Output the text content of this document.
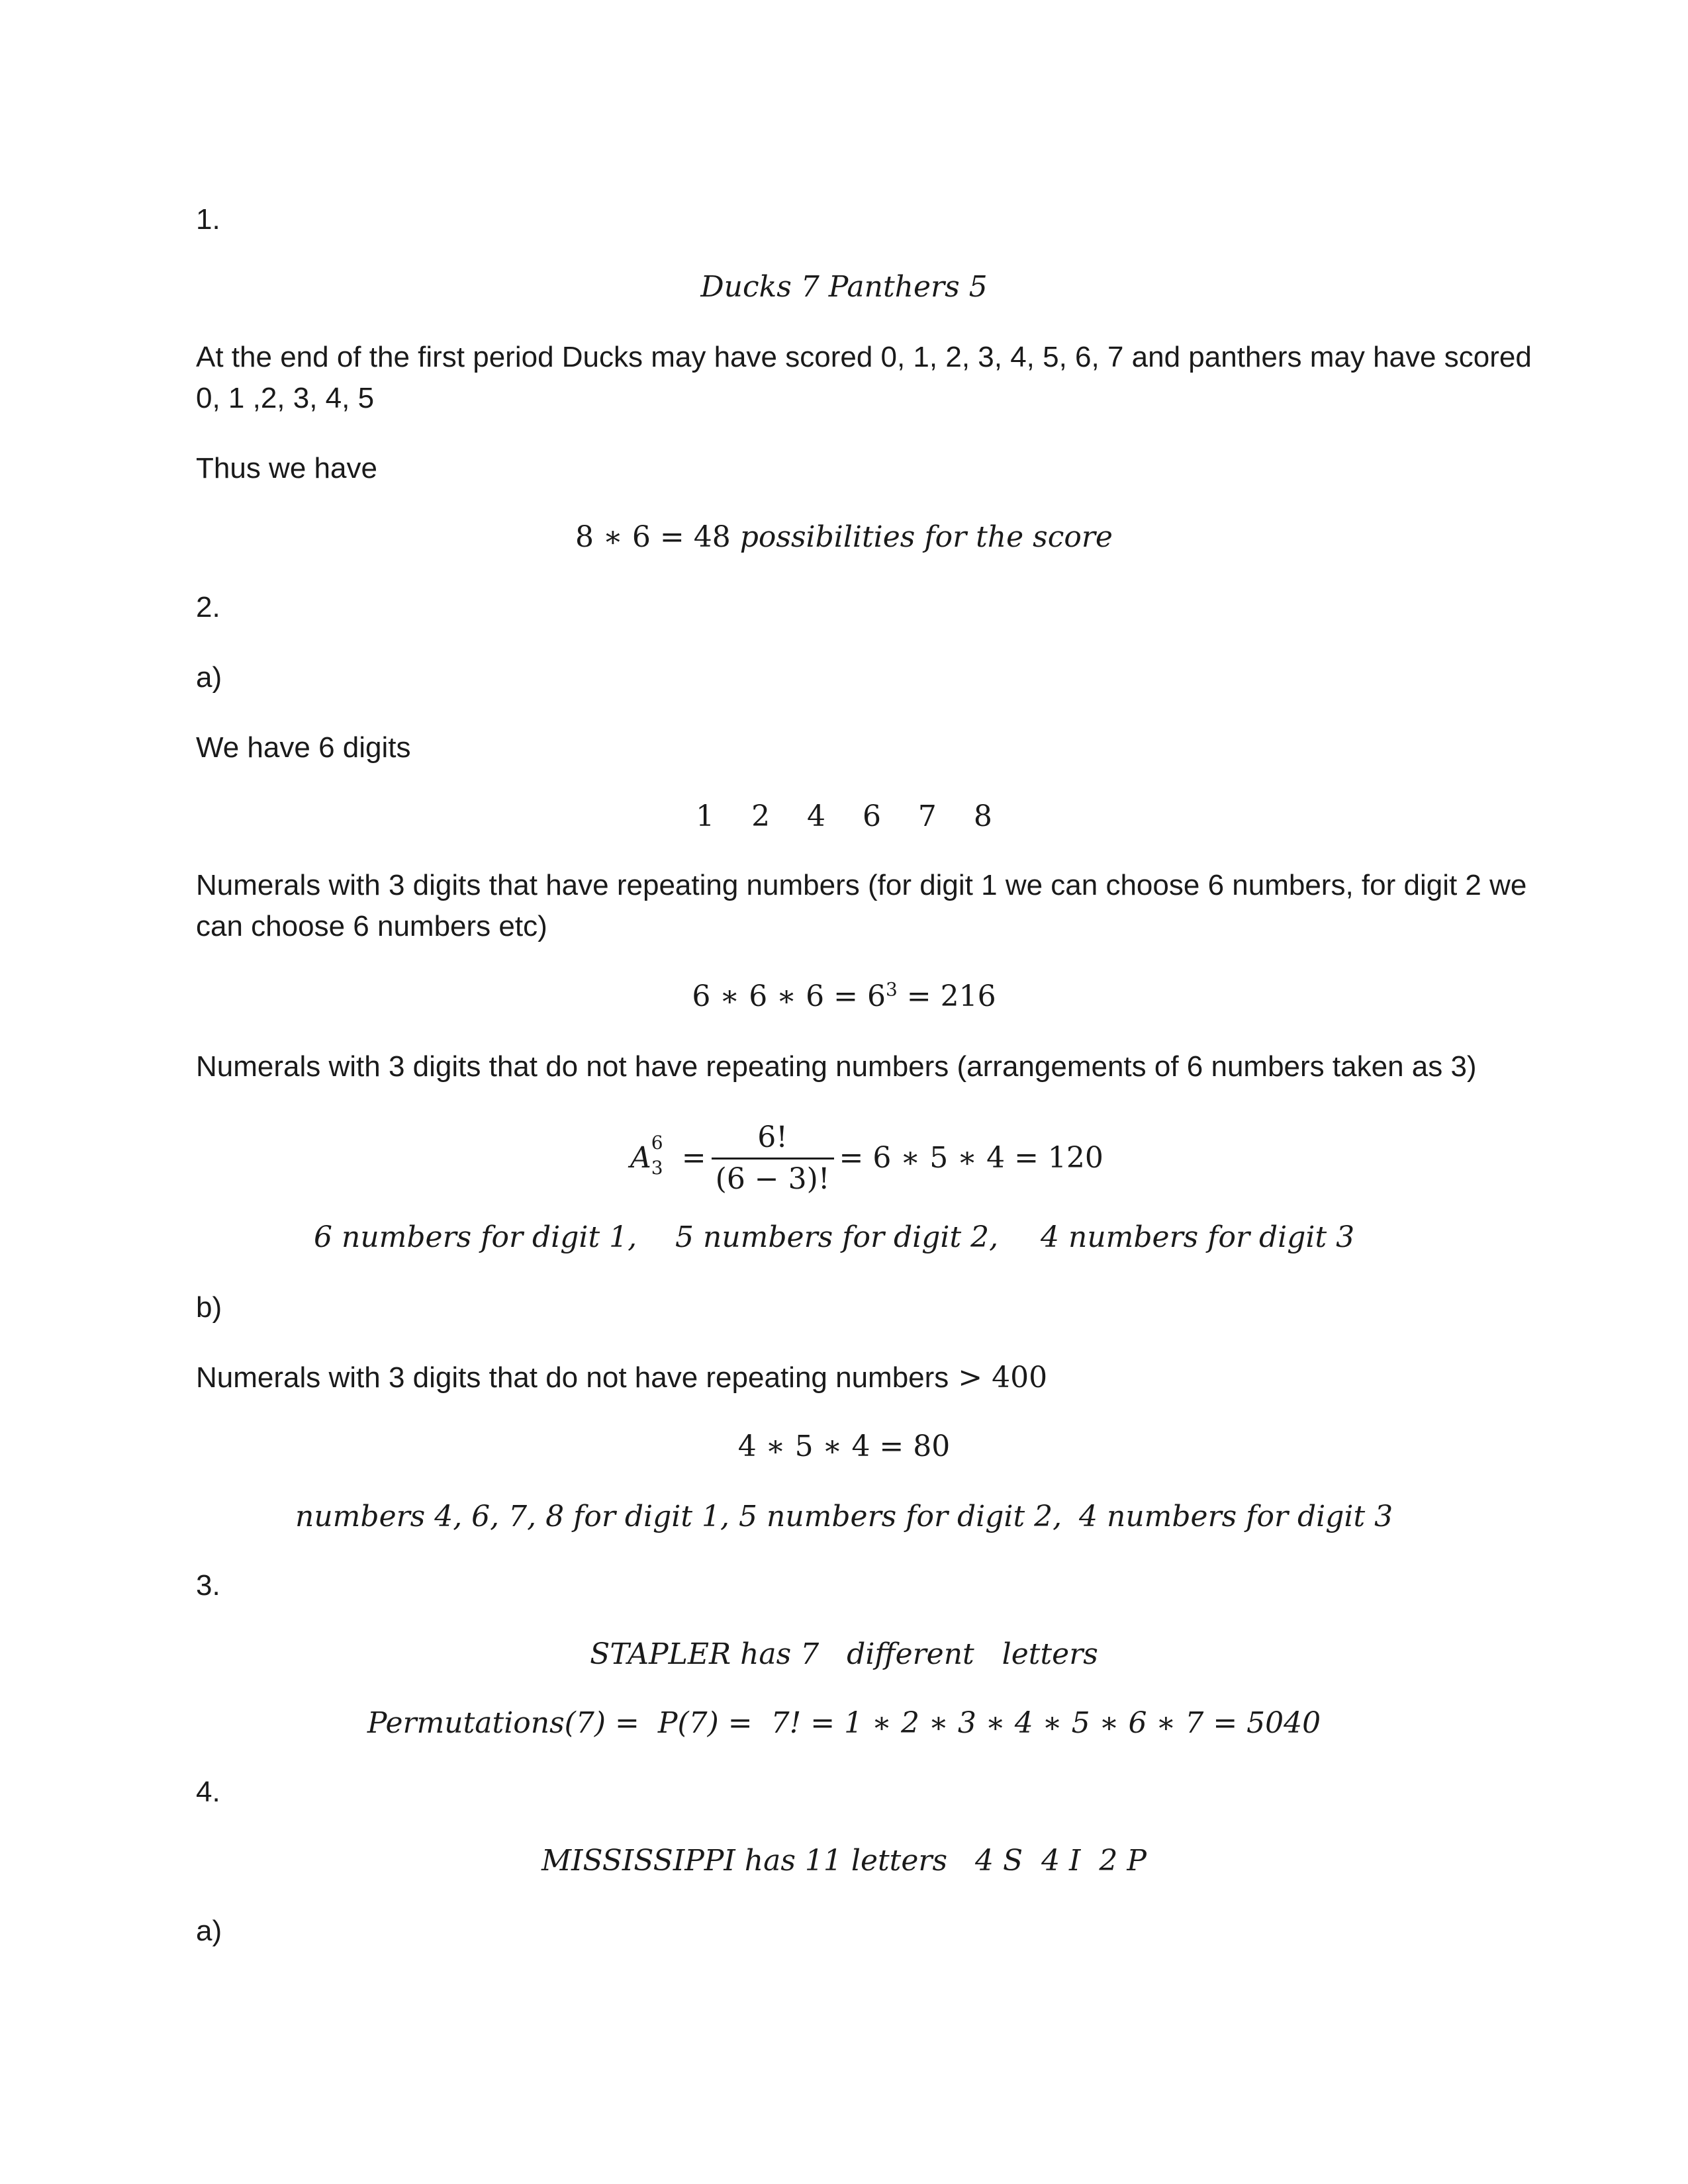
1.
Ducks 7 Panthers 5
At the end of the first period Ducks may have scored 0, 1, 2, 3, 4, 5, 6, 7 and panthers may have scored
0, 1 ,2, 3, 4, 5
Thus we have
8 ∗ 6 = 48 possibilities for the score
2.
a)
We have 6 digits
1    2    4    6    7    8
Numerals with 3 digits that have repeating numbers (for digit 1 we can choose 6 numbers, for digit 2 we
can choose 6 numbers etc)
6 ∗ 6 ∗ $6 = 6^3 = 216$
Numerals with 3 digits that do not have repeating numbers (arrangements of 6 numbers taken as 3)
A 6
$3 = \frac{6!}{(6 - 3)!} = 6$ ∗ 5 ∗ 4 = 120
6 numbers for digit 1, 5 numbers for digit 2, 4 numbers for digit 3
b)
Numerals with 3 digits that do not have repeating numbers > 400
4 ∗ 5 ∗ 4 = 80
numbers 4, 6, 7, 8 for digit 1, 5 numbers for digit 2, 4 numbers for digit 3
3.
STAPLER has 7   different   letters
Permutations(7) =  P(7) =  7! = 1 ∗ 2 ∗ 3 ∗ 4 ∗ 5 ∗ 6 ∗ 7 = 5040
4.
MISSISSIPPI has 11 letters   4 S  4 I  2 P
a)
